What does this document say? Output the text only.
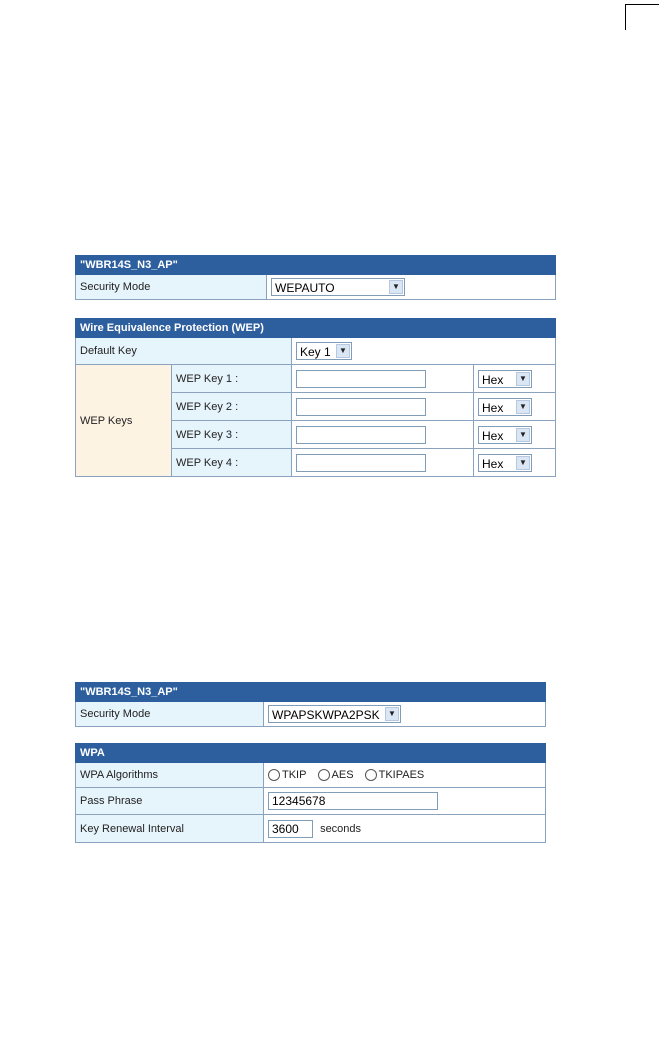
"WBR14S_N3_AP"
Security Mode	WEPAUTO	▼
Wire Equivalence Protection (WEP)			
Default Key		Key 1 ▼	

WEP Keys	WEP Key 1 :		Hex ▼

	WEP Key 2 :		Hex ▼

	WEP Key 3 :		Hex ▼

	WEP Key 4 :		Hex ▼
"WBR14S_N3_AP"
Security Mode	WPAPSKWPA2PSK	▼
WPA	
WPA Algorithms	TKIP AES TKIPAES
Pass Phrase	12345678
Key Renewal Interval	3600seconds
